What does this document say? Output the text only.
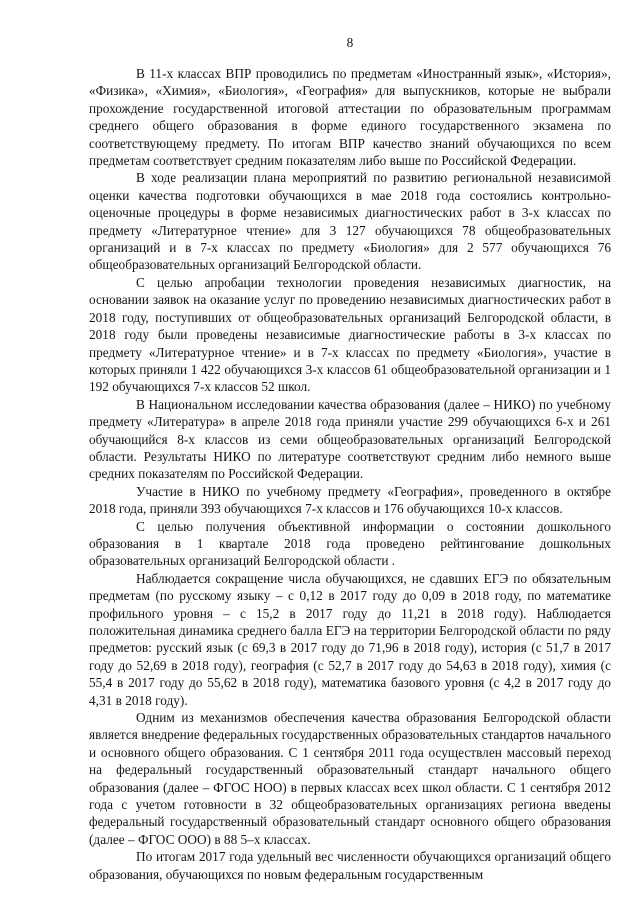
8

В 11-х классах ВПР проводились по предметам «Иностранный язык», «История», «Физика», «Химия», «Биология», «География» для выпускников, которые не выбрали прохождение государственной итоговой аттестации по образовательным программам среднего общего образования в форме единого государственного экзамена по соответствующему предмету. По итогам ВПР качество знаний обучающихся по всем предметам соответствует средним показателям либо выше по Российской Федерации.

В ходе реализации плана мероприятий по развитию региональной независимой оценки качества подготовки обучающихся в мае 2018 года состоялись контрольно-оценочные процедуры в форме независимых диагностических работ в 3-х классах по предмету «Литературное чтение» для 3 127 обучающихся 78 общеобразовательных организаций и в 7-х классах по предмету «Биология» для 2 577 обучающихся 76 общеобразовательных организаций Белгородской области.

С целью апробации технологии проведения независимых диагностик, на основании заявок на оказание услуг по проведению независимых диагностических работ в 2018 году, поступивших от общеобразовательных организаций Белгородской области, в 2018 году были проведены независимые диагностические работы в 3-х классах по предмету «Литературное чтение» и в 7-х классах по предмету «Биология», участие в которых приняли 1 422 обучающихся 3-х классов 61 общеобразовательной организации и 1 192 обучающихся 7-х классов 52 школ.

В Национальном исследовании качества образования (далее – НИКО) по учебному предмету «Литература» в апреле 2018 года приняли участие 299 обучающихся 6-х и 261 обучающийся 8-х классов из семи общеобразовательных организаций Белгородской области. Результаты НИКО по литературе соответствуют средним либо немного выше средних показателям по Российской Федерации.

Участие в НИКО по учебному предмету «География», проведенного в октябре 2018 года, приняли 393 обучающихся 7-х классов и 176 обучающихся 10-х классов.

С целью получения объективной информации о состоянии дошкольного образования в 1 квартале 2018 года проведено рейтингование дошкольных образовательных организаций Белгородской области .

Наблюдается сокращение числа обучающихся, не сдавших ЕГЭ по обязательным предметам (по русскому языку – с 0,12 в 2017 году до 0,09 в 2018 году, по математике профильного уровня – с 15,2 в 2017 году до 11,21 в 2018 году). Наблюдается положительная динамика среднего балла ЕГЭ на территории Белгородской области по ряду предметов: русский язык (с 69,3 в 2017 году до 71,96 в 2018 году), история (с 51,7 в 2017 году до 52,69 в 2018 году), география (с 52,7 в 2017 году до 54,63 в 2018 году), химия (с 55,4 в 2017 году до 55,62 в 2018 году), математика базового уровня (с 4,2 в 2017 году до 4,31 в 2018 году).

Одним из механизмов обеспечения качества образования Белгородской области является внедрение федеральных государственных образовательных стандартов начального и основного общего образования. С 1 сентября 2011 года осуществлен массовый переход на федеральный государственный образовательный стандарт начального общего образования (далее – ФГОС НОО) в первых классах всех школ области. С 1 сентября 2012 года с учетом готовности в 32 общеобразовательных организациях региона введены федеральный государственный образовательный стандарт основного общего образования (далее – ФГОС ООО) в 88 5–х классах.

По итогам 2017 года удельный вес численности обучающихся организаций общего образования, обучающихся по новым федеральным государственным
